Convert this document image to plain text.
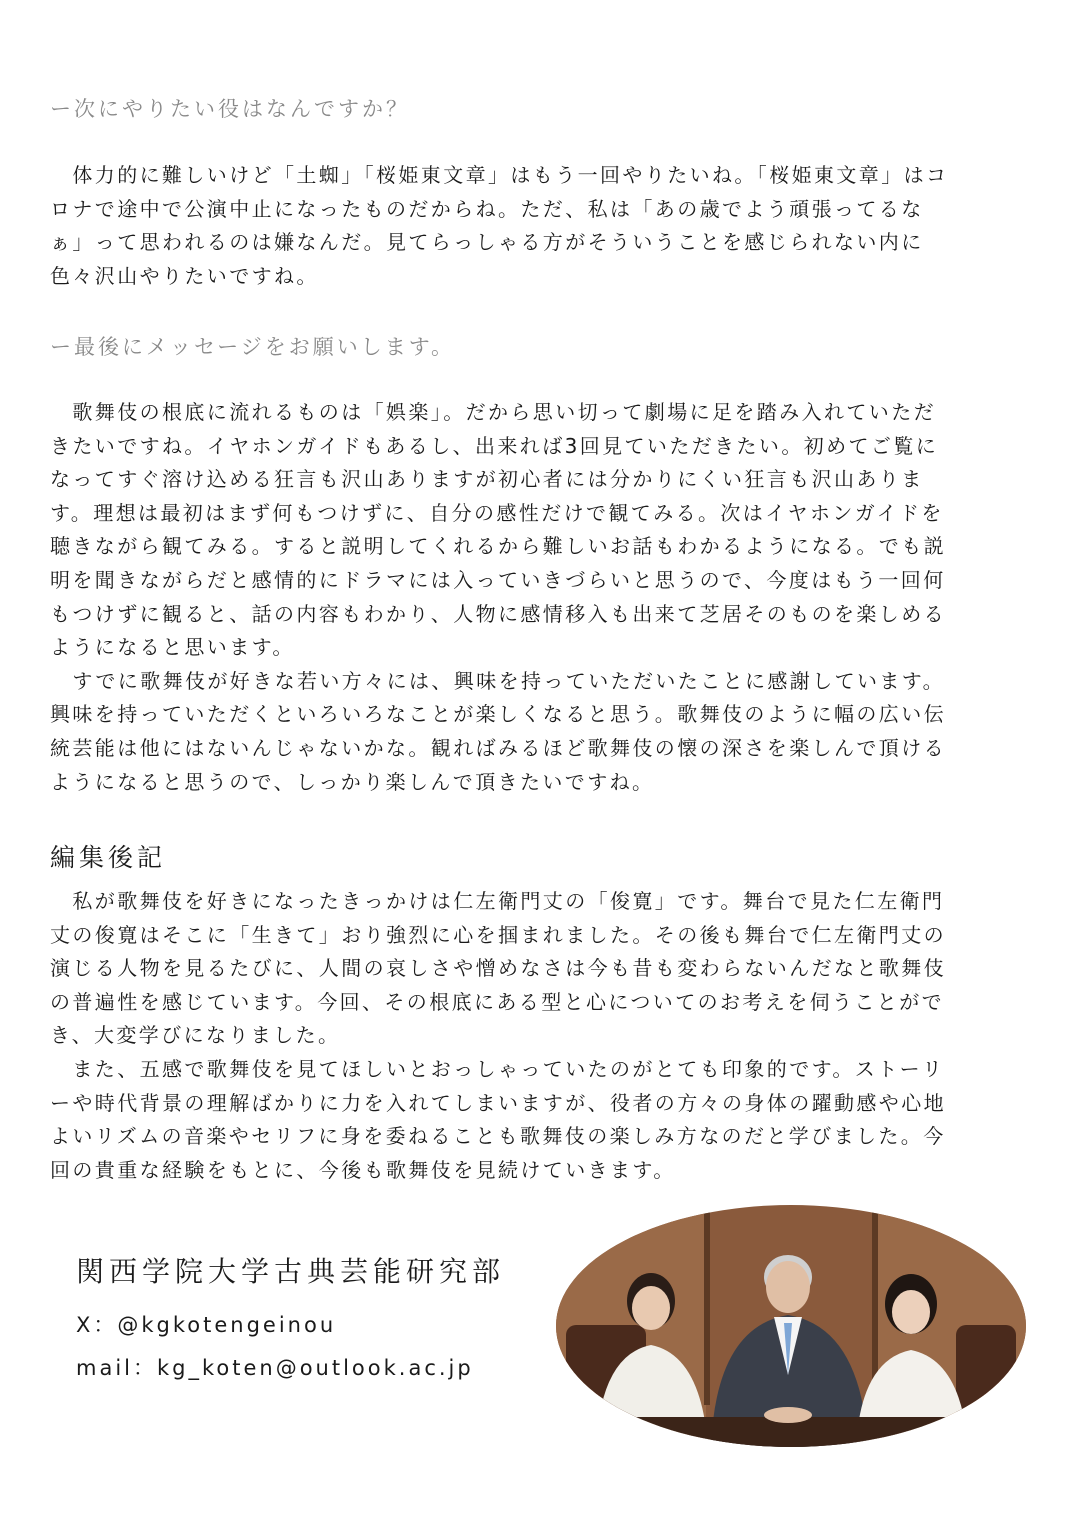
ー次にやりたい役はなんですか？

　体力的に難しいけど「土蜘」「桜姫東文章」はもう一回やりたいね。「桜姫東文章」はコ
ロナで途中で公演中止になったものだからね。ただ、私は「あの歳でよう頑張ってるな
ぁ」って思われるのは嫌なんだ。見てらっしゃる方がそういうことを感じられない内に
色々沢山やりたいですね。

ー最後にメッセージをお願いします。

　歌舞伎の根底に流れるものは「娯楽」。だから思い切って劇場に足を踏み入れていただ
きたいですね。イヤホンガイドもあるし、出来れば3回見ていただきたい。初めてご覧に
なってすぐ溶け込める狂言も沢山ありますが初心者には分かりにくい狂言も沢山ありま
す。理想は最初はまず何もつけずに、自分の感性だけで観てみる。次はイヤホンガイドを
聴きながら観てみる。すると説明してくれるから難しいお話もわかるようになる。でも説
明を聞きながらだと感情的にドラマには入っていきづらいと思うので、今度はもう一回何
もつけずに観ると、話の内容もわかり、人物に感情移入も出来て芝居そのものを楽しめる
ようになると思います。
　すでに歌舞伎が好きな若い方々には、興味を持っていただいたことに感謝しています。
興味を持っていただくといろいろなことが楽しくなると思う。歌舞伎のように幅の広い伝
統芸能は他にはないんじゃないかな。観ればみるほど歌舞伎の懐の深さを楽しんで頂ける
ようになると思うので、しっかり楽しんで頂きたいですね。
編集後記
　私が歌舞伎を好きになったきっかけは仁左衛門丈の「俊寛」です。舞台で見た仁左衛門
丈の俊寛はそこに「生きて」おり強烈に心を掴まれました。その後も舞台で仁左衛門丈の
演じる人物を見るたびに、人間の哀しさや憎めなさは今も昔も変わらないんだなと歌舞伎
の普遍性を感じています。今回、その根底にある型と心についてのお考えを伺うことがで
き、大変学びになりました。
　また、五感で歌舞伎を見てほしいとおっしゃっていたのがとても印象的です。ストーリ
ーや時代背景の理解ばかりに力を入れてしまいますが、役者の方々の身体の躍動感や心地
よいリズムの音楽やセリフに身を委ねることも歌舞伎の楽しみ方なのだと学びました。今
回の貴重な経験をもとに、今後も歌舞伎を見続けていきます。
関西学院大学古典芸能研究部
X：@kgkotengeinou
mail：kg_koten@outlook.ac.jp
